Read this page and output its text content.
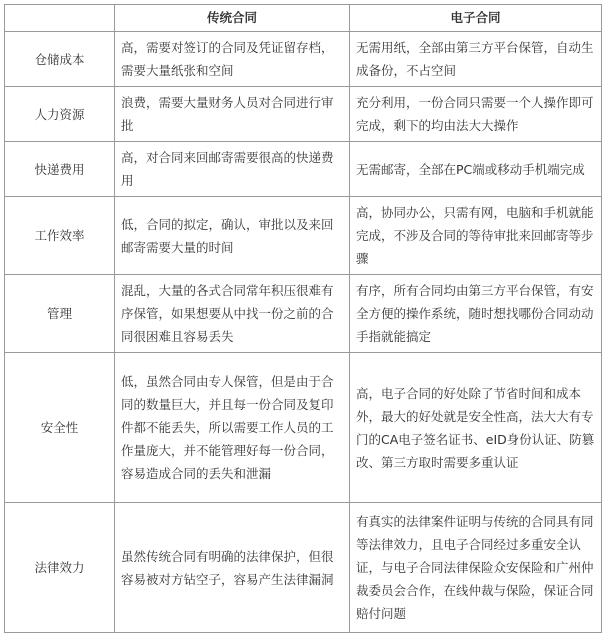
	传统合同	电子合同
仓储成本	高，需要对签订的合同及凭证留存档，需要大量纸张和空间	无需用纸，全部由第三方平台保管，自动生成备份，不占空间
人力资源	浪费，需要大量财务人员对合同进行审批	充分利用，一份合同只需要一个人操作即可完成，剩下的均由法大大操作
快递费用	高，对合同来回邮寄需要很高的快递费用	无需邮寄，全部在PC端或移动手机端完成
工作效率	低，合同的拟定，确认，审批以及来回邮寄需要大量的时间	高，协同办公，只需有网，电脑和手机就能完成，不涉及合同的等待审批来回邮寄等步骤
管理	混乱，大量的各式合同常年积压很难有序保管，如果想要从中找一份之前的合同很困难且容易丢失	有序，所有合同均由第三方平台保管，有安全方便的操作系统，随时想找哪份合同动动手指就能搞定
安全性	低，虽然合同由专人保管，但是由于合同的数量巨大，并且每一份合同及复印件都不能丢失，所以需要工作人员的工作量庞大，并不能管理好每一份合同，容易造成合同的丢失和泄漏	高，电子合同的好处除了节省时间和成本外，最大的好处就是安全性高，法大大有专门的CA电子签名证书、eID身份认证、防篡改、第三方取时需要多重认证
法律效力	虽然传统合同有明确的法律保护，但很容易被对方钻空子，容易产生法律漏洞	有真实的法律案件证明与传统的合同具有同等法律效力，且电子合同经过多重安全认证，与电子合同法律保险众安保险和广州仲裁委员会合作，在线仲裁与保险，保证合同赔付问题
